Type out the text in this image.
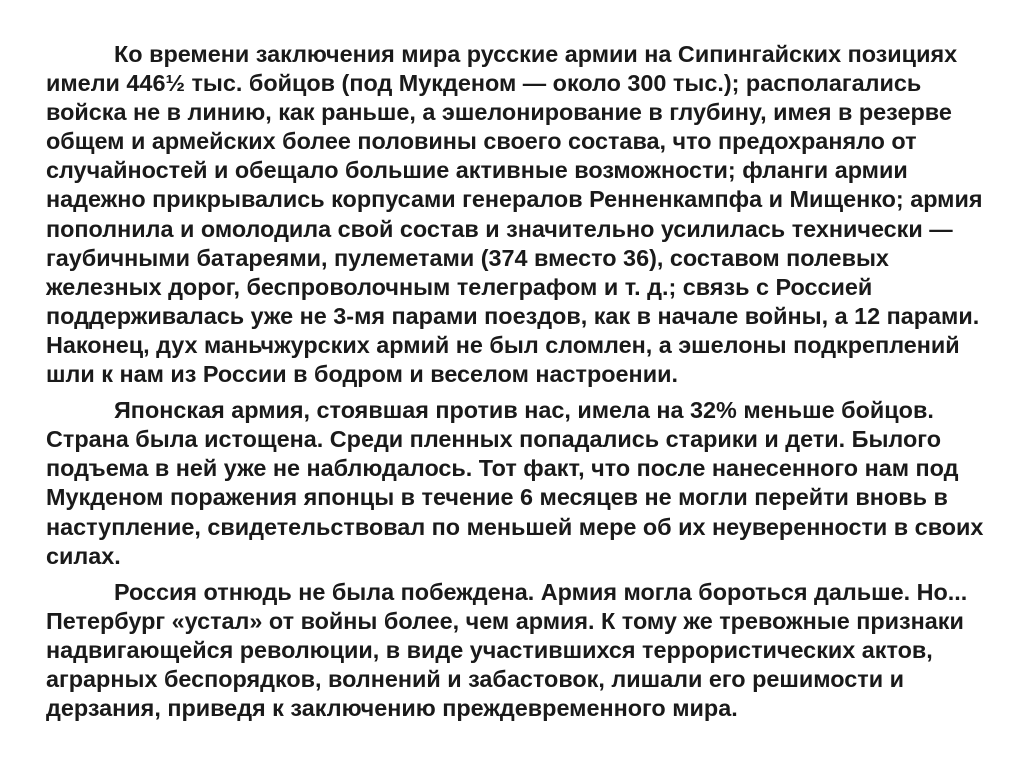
Ко времени заключения мира русские армии на Сипингайских позициях имели 446½ тыс. бойцов (под Мукденом — около 300 тыс.); располагались войска не в линию, как раньше, а эшелонирование в глубину, имея в резерве общем и армейских более половины своего состава, что предохраняло от случайностей и обещало большие активные возможности; фланги армии надежно прикрывались корпусами генералов Ренненкампфа и Мищенко; армия пополнила и омолодила свой состав и значительно усилилась технически — гаубичными батареями, пулеметами (374 вместо 36), составом полевых железных дорог, беспроволочным телеграфом и т. д.; связь с Россией поддерживалась уже не 3-мя парами поездов, как в начале войны, а 12 парами. Наконец, дух маньчжурских армий не был сломлен, а эшелоны подкреплений шли к нам из России в бодром и веселом настроении.

Японская армия, стоявшая против нас, имела на 32% меньше бойцов. Страна была истощена. Среди пленных попадались старики и дети. Былого подъема в ней уже не наблюдалось. Тот факт, что после нанесенного нам под Мукденом поражения японцы в течение 6 месяцев не могли перейти вновь в наступление, свидетельствовал по меньшей мере об их неуверенности в своих силах.

Россия отнюдь не была побеждена. Армия могла бороться дальше. Но... Петербург «устал» от войны более, чем армия. К тому же тревожные признаки надвигающейся революции, в виде участившихся террористических актов, аграрных беспорядков, волнений и забастовок, лишали его решимости и дерзания, приведя к заключению преждевременного мира.
